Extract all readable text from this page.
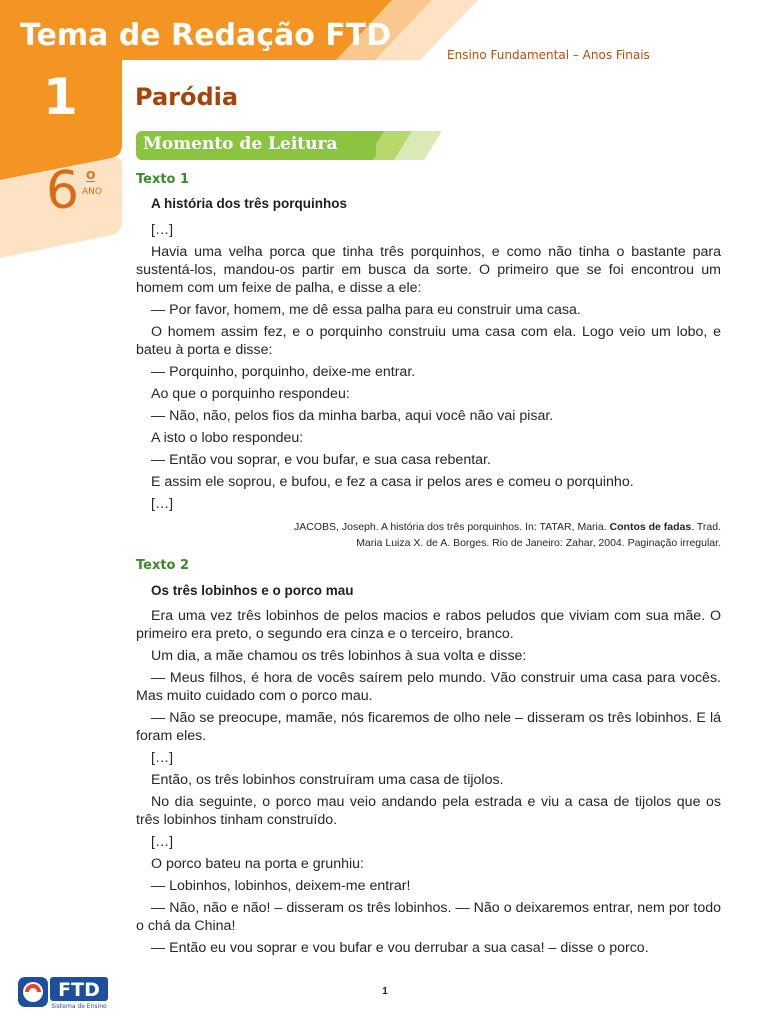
Tema de Redação FTD
Ensino Fundamental – Anos Finais
1
6 O
ANO
Paródia
Momento de Leitura
Texto 1
A história dos três porquinhos

[…]

Havia uma velha porca que tinha três porquinhos, e como não tinha o bastante para sustentá-los, mandou-os partir em busca da sorte. O primeiro que se foi encontrou um homem com um feixe de palha, e disse a ele:

— Por favor, homem, me dê essa palha para eu construir uma casa.

O homem assim fez, e o porquinho construiu uma casa com ela. Logo veio um lobo, e bateu à porta e disse:

— Porquinho, porquinho, deixe-me entrar.

Ao que o porquinho respondeu:

— Não, não, pelos fios da minha barba, aqui você não vai pisar.

A isto o lobo respondeu:

— Então vou soprar, e vou bufar, e sua casa rebentar.

E assim ele soprou, e bufou, e fez a casa ir pelos ares e comeu o porquinho.

[…]

JACOBS, Joseph. A história dos três porquinhos. In: TATAR, Maria. Contos de fadas. Trad.
Maria Luiza X. de A. Borges. Rio de Janeiro: Zahar, 2004. Paginação irregular.
Texto 2
Os três lobinhos e o porco mau

Era uma vez três lobinhos de pelos macios e rabos peludos que viviam com sua mãe. O primeiro era preto, o segundo era cinza e o terceiro, branco.

Um dia, a mãe chamou os três lobinhos à sua volta e disse:

— Meus filhos, é hora de vocês saírem pelo mundo. Vão construir uma casa para vocês. Mas muito cuidado com o porco mau.

— Não se preocupe, mamãe, nós ficaremos de olho nele – disseram os três lobinhos. E lá foram eles.

[…]

Então, os três lobinhos construíram uma casa de tijolos.

No dia seguinte, o porco mau veio andando pela estrada e viu a casa de tijolos que os três lobinhos tinham construído.

[…]

O porco bateu na porta e grunhiu:

— Lobinhos, lobinhos, deixem-me entrar!

— Não, não e não! – disseram os três lobinhos. — Não o deixaremos entrar, nem por todo o chá da China!

— Então eu vou soprar e vou bufar e vou derrubar a sua casa! – disse o porco.

FTD
Sistema de Ensino
1
